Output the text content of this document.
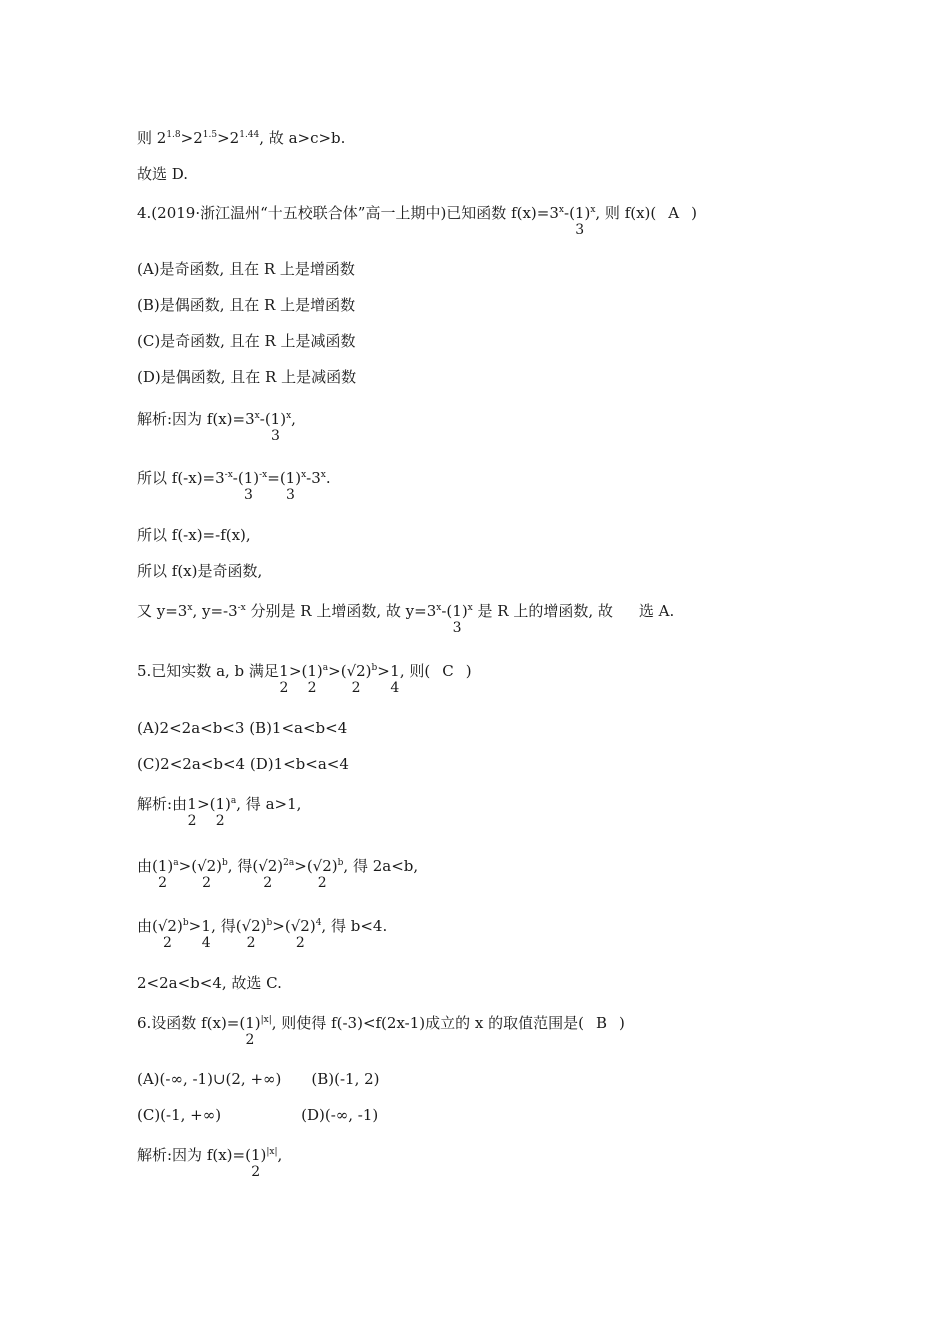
则 $2^{1.8}>2^{1.5}>2^{1.44}$, 故 a>c>b.
故选 D.
4.(2019·浙江温州“十五校联合体”高一上期中)已知函数 $f(x)=3^x-(1)$
3
$^x$, 则 f(x)( A )
(A)是奇函数, 且在 R 上是增函数
(B)是偶函数, 且在 R 上是增函数
(C)是奇函数, 且在 R 上是减函数
(D)是偶函数, 且在 R 上是减函数
解析:因为 $f(x)=3^x-(1)$
3
$^x$,
所以 $f(-x)=3^{-x}-(1)$
3
$^{-x}$=(1)
3
$^x$-3$^x$.
所以 f(-x)=-f(x),
所以 f(x)是奇函数,
又 $y=3^x$, $y=-3^{-x}$ 分别是 R 上增函数, 故 $y=3^x-(1)$
3
$^x$ 是 R 上的增函数, 故 选 A.
5.已知实数 a, b 满足1
2
>(1)
2
$^a$>(√2)
2
$^b$>1
4
, 则( C )
(A)2<2a<b<3 (B)1<a<b<4
(C)2<2a<b<4 (D)1<b<a<4
解析:由1
2
>(1)
2
$^a$, 得 a>1,
由(1)
2
$^a$>(√2)
2
$^b$, 得(√2)
2
$^{2a}$>(√2)
2
$^b$, 得 2a<b,
由(√2)
2
$^b$>1
4
, 得(√2)
2
$^b$>(√2)
2
$^4$, 得 b<4.
2<2a<b<4, 故选 C.
6.设函数 f(x)=(1)
2
$^{|x|}$, 则使得 f(-3)<f(2x-1)成立的 x 的取值范围是( B )
(A)(-∞, -1)∪(2, +∞) (B)(-1, 2)
(C)(-1, +∞)	(D)(-∞, -1)
解析:因为 f(x)=(1)
2
$^{|x|}$,
